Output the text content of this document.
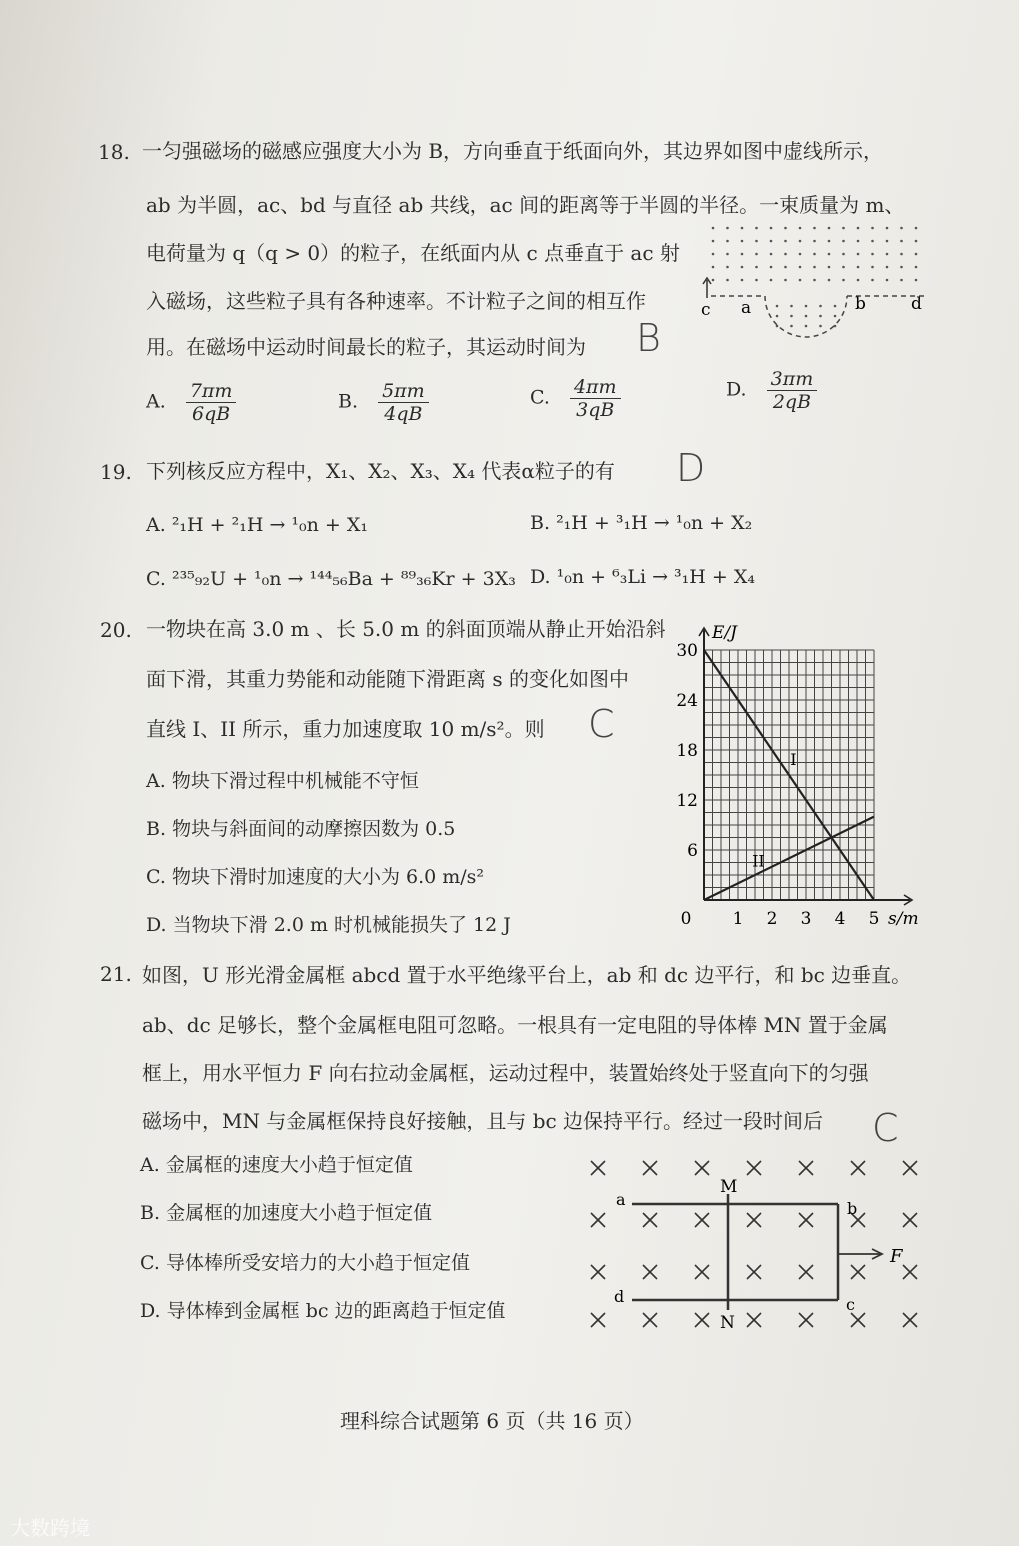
18. 一匀强磁场的磁感应强度大小为 B，方向垂直于纸面向外，其边界如图中虚线所示，
ab 为半圆，ac、bd 与直径 ab 共线，ac 间的距离等于半圆的半径。一束质量为 m、
电荷量为 q（q > 0）的粒子，在纸面内从 c 点垂直于 ac 射
入磁场，这些粒子具有各种速率。不计粒子之间的相互作
用。在磁场中运动时间最长的粒子，其运动时间为 B
c a	b	d
A. $\frac{7\pi m}{6qB}$	B. $\frac{5\pi m}{4qB}$	C. $\frac{4\pi m}{3qB}$	D. $\frac{3\pi m}{2qB}$
19. 下列核反应方程中，X₁、X₂、X₃、X₄ 代表α粒子的有 D
A. ²₁H + ²₁H → ¹₀n + X₁	B. ²₁H + ³₁H → ¹₀n + X₂
C. ²³⁵₉₂U + ¹₀n → ¹⁴⁴₅₆Ba + ⁸⁹₃₆Kr + 3X₃ D. ¹₀n + ⁶₃Li → ³₁H + X₄
20. 一物块在高 3.0 m 、长 5.0 m 的斜面顶端从静止开始沿斜
面下滑，其重力势能和动能随下滑距离 s 的变化如图中
直线 I、II 所示，重力加速度取 10 m/s²。则 C
A. 物块下滑过程中机械能不守恒
B. 物块与斜面间的动摩擦因数为 0.5
C. 物块下滑时加速度的大小为 6.0 m/s²
D. 当物块下滑 2.0 m 时机械能损失了 12 J
6
12
18
24
30
0 1 2 3 4 5
E/J
s/m
I
II
21. 如图，U 形光滑金属框 abcd 置于水平绝缘平台上，ab 和 dc 边平行，和 bc 边垂直。
ab、dc 足够长，整个金属框电阻可忽略。一根具有一定电阻的导体棒 MN 置于金属
框上，用水平恒力 F 向右拉动金属框，运动过程中，装置始终处于竖直向下的匀强
磁场中，MN 与金属框保持良好接触，且与 bc 边保持平行。经过一段时间后 C
A. 金属框的速度大小趋于恒定值
B. 金属框的加速度大小趋于恒定值
C. 导体棒所受安培力的大小趋于恒定值
D. 导体棒到金属框 bc 边的距离趋于恒定值
M
N
a	b
c
d
F
理科综合试题第 6 页（共 16 页）
大数跨境
